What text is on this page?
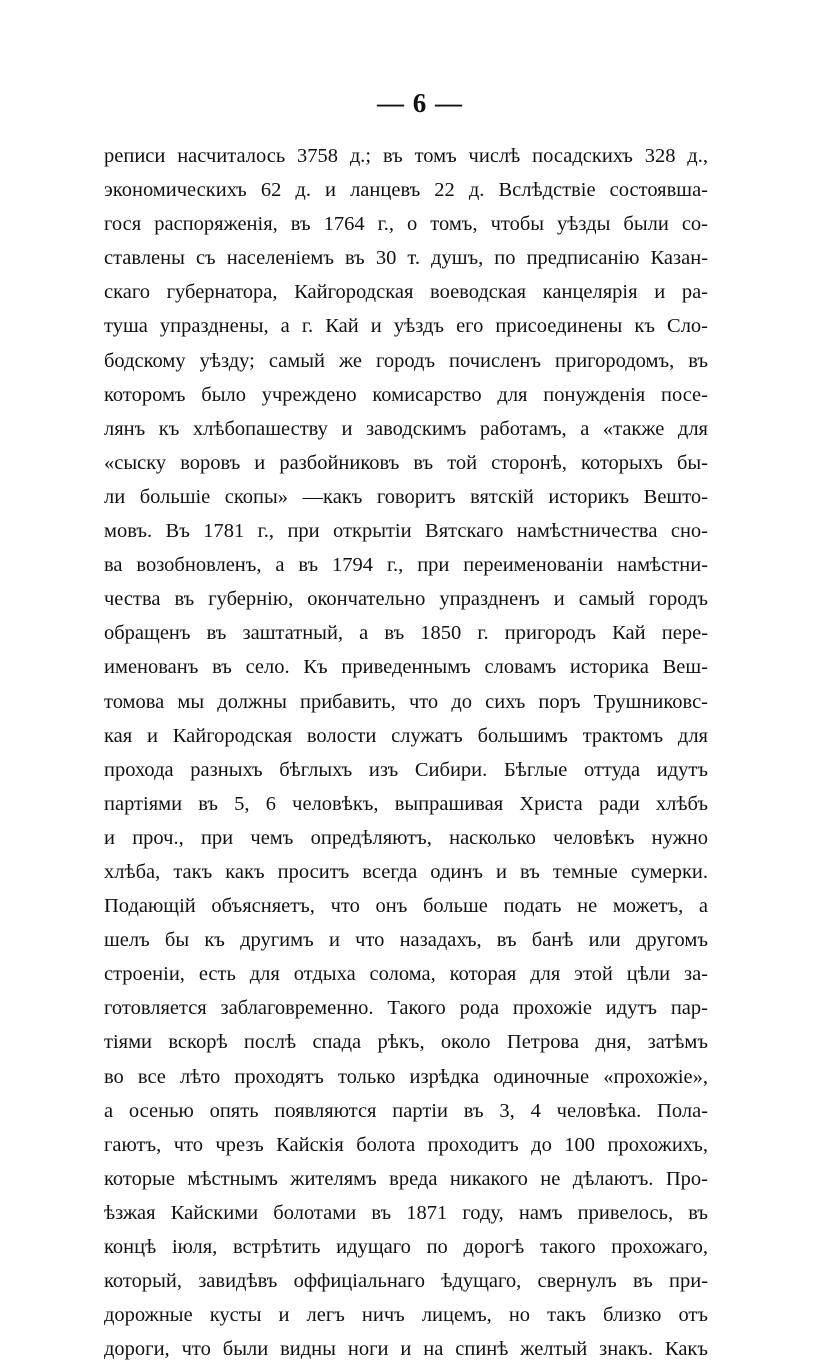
— 6 —
реписи насчиталось 3758 д.; въ томъ числѣ посадскихъ 328 д.,
экономическихъ 62 д. и ланцевъ 22 д. Вслѣдствіе состоявша-
гося распоряженія, въ 1764 г., о томъ, чтобы уѣзды были со-
ставлены съ населеніемъ въ 30 т. душъ, по предписанію Казан-
скаго губернатора, Кайгородская воеводская канцелярія и ра-
туша упразднены, а г. Кай и уѣздъ его присоединены къ Сло-
бодскому уѣзду; самый же городъ почисленъ пригородомъ, въ
которомъ было учреждено комисарство для понужденія посе-
лянъ къ хлѣбопашеству и заводскимъ работамъ, а «также для
«сыску воровъ и разбойниковъ въ той сторонѣ, которыхъ бы-
ли большіе скопы» —какъ говоритъ вятскій историкъ Вешто-
мовъ. Въ 1781 г., при открытіи Вятскаго намѣстничества сно-
ва возобновленъ, а въ 1794 г., при переименованіи намѣстни-
чества въ губернію, окончательно упраздненъ и самый городъ
обращенъ въ заштатный, а въ 1850 г. пригородъ Кай пере-
именованъ въ село. Къ приведеннымъ словамъ историка Веш-
томова мы должны прибавить, что до сихъ поръ Трушниковс-
кая и Кайгородская волости служатъ большимъ трактомъ для
прохода разныхъ бѣглыхъ изъ Сибири. Бѣглые оттуда идутъ
партіями въ 5, 6 человѣкъ, выпрашивая Христа ради хлѣбъ
и проч., при чемъ опредѣляютъ, насколько человѣкъ нужно
хлѣба, такъ какъ проситъ всегда одинъ и въ темные сумерки.
Подающій объясняетъ, что онъ больше подать не можетъ, а
шелъ бы къ другимъ и что назадахъ, въ банѣ или другомъ
строеніи, есть для отдыха солома, которая для этой цѣли за-
готовляется заблаговременно. Такого рода прохожіе идутъ пар-
тіями вскорѣ послѣ спада рѣкъ, около Петрова дня, затѣмъ
во все лѣто проходятъ только изрѣдка одиночные «прохожіе»,
а осенью опять появляются партіи въ 3, 4 человѣка. Пола-
гаютъ, что чрезъ Кайскія болота проходитъ до 100 прохожихъ,
которые мѣстнымъ жителямъ вреда никакого не дѣлаютъ. Про-
ѣзжая Кайскими болотами въ 1871 году, намъ привелось, въ
концѣ іюля, встрѣтить идущаго по дорогѣ такого прохожаго,
который, завидѣвъ оффиціальнаго ѣдущаго, свернулъ въ при-
дорожные кусты и легъ ничъ лицемъ, но такъ близко отъ
дороги, что были видны ноги и на спинѣ желтый знакъ. Какъ
